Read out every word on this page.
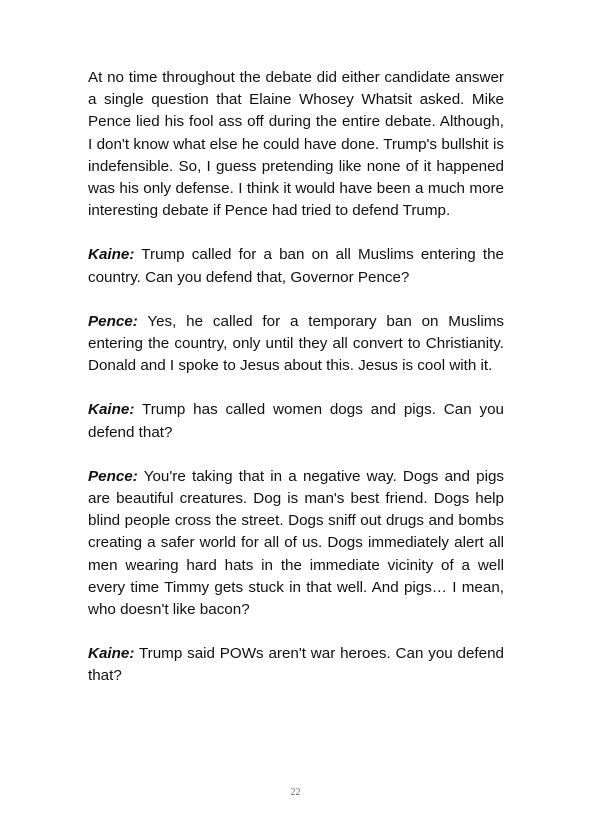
At no time throughout the debate did either candidate answer a single question that Elaine Whosey Whatsit asked. Mike Pence lied his fool ass off during the entire debate. Although, I don't know what else he could have done. Trump's bullshit is indefensible. So, I guess pretending like none of it happened was his only defense. I think it would have been a much more interesting debate if Pence had tried to defend Trump.

Kaine: Trump called for a ban on all Muslims entering the country. Can you defend that, Governor Pence?

Pence: Yes, he called for a temporary ban on Muslims entering the country, only until they all convert to Christianity. Donald and I spoke to Jesus about this. Jesus is cool with it.

Kaine: Trump has called women dogs and pigs. Can you defend that?

Pence: You're taking that in a negative way. Dogs and pigs are beautiful creatures. Dog is man's best friend. Dogs help blind people cross the street. Dogs sniff out drugs and bombs creating a safer world for all of us. Dogs immediately alert all men wearing hard hats in the immediate vicinity of a well every time Timmy gets stuck in that well. And pigs… I mean, who doesn't like bacon?

Kaine: Trump said POWs aren't war heroes. Can you defend that?

22
